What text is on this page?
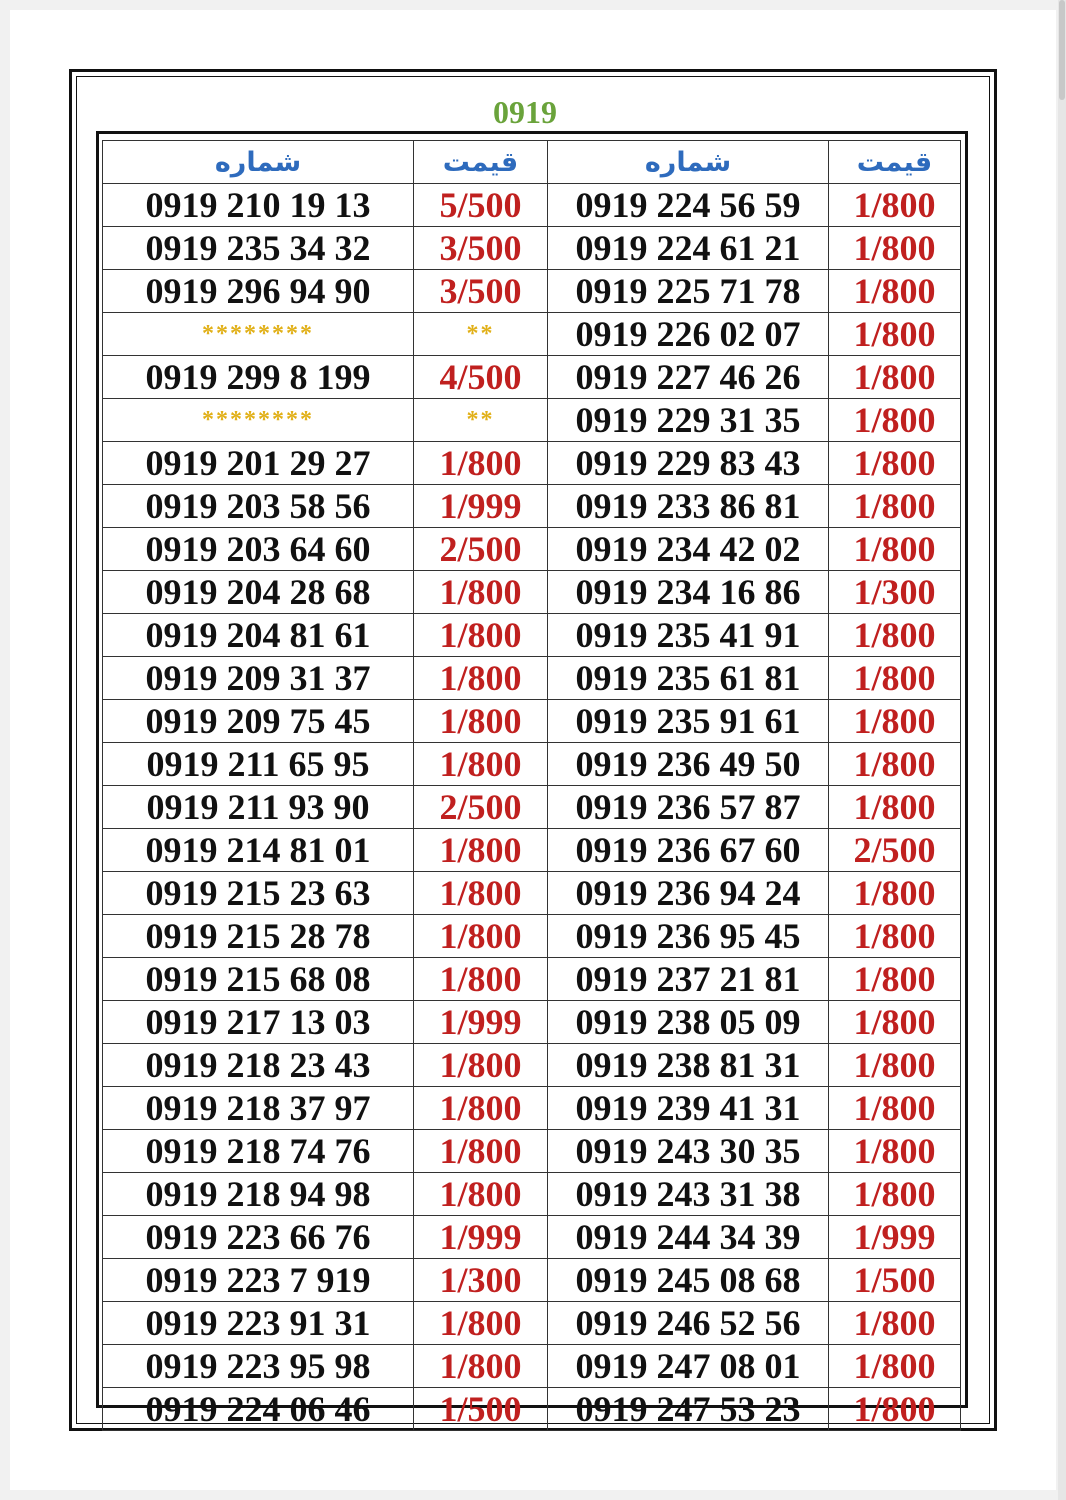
0919
شماره	قیمت	شماره	قیمت
0919 210 19 13	5/500	0919 224 56 59	1/800
0919 235 34 32	3/500	0919 224 61 21	1/800
0919 296 94 90	3/500	0919 225 71 78	1/800
********	**	0919 226 02 07	1/800
0919 299 8 199	4/500	0919 227 46 26	1/800
********	**	0919 229 31 35	1/800
0919 201 29 27	1/800	0919 229 83 43	1/800
0919 203 58 56	1/999	0919 233 86 81	1/800
0919 203 64 60	2/500	0919 234 42 02	1/800
0919 204 28 68	1/800	0919 234 16 86	1/300
0919 204 81 61	1/800	0919 235 41 91	1/800
0919 209 31 37	1/800	0919 235 61 81	1/800
0919 209 75 45	1/800	0919 235 91 61	1/800
0919 211 65 95	1/800	0919 236 49 50	1/800
0919 211 93 90	2/500	0919 236 57 87	1/800
0919 214 81 01	1/800	0919 236 67 60	2/500
0919 215 23 63	1/800	0919 236 94 24	1/800
0919 215 28 78	1/800	0919 236 95 45	1/800
0919 215 68 08	1/800	0919 237 21 81	1/800
0919 217 13 03	1/999	0919 238 05 09	1/800
0919 218 23 43	1/800	0919 238 81 31	1/800
0919 218 37 97	1/800	0919 239 41 31	1/800
0919 218 74 76	1/800	0919 243 30 35	1/800
0919 218 94 98	1/800	0919 243 31 38	1/800
0919 223 66 76	1/999	0919 244 34 39	1/999
0919 223 7 919	1/300	0919 245 08 68	1/500
0919 223 91 31	1/800	0919 246 52 56	1/800
0919 223 95 98	1/800	0919 247 08 01	1/800
0919 224 06 46	1/500	0919 247 53 23	1/800
